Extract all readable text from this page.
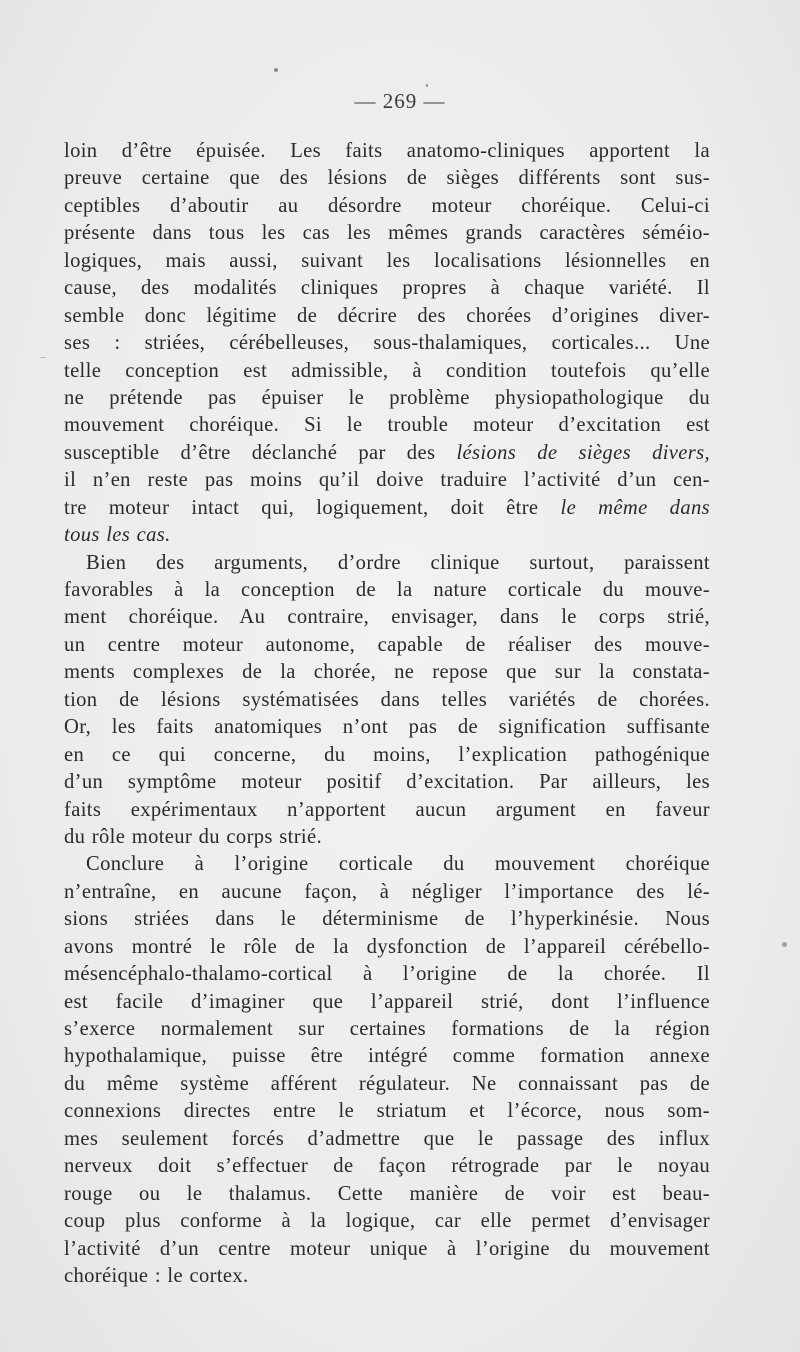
— 269 —
loin d’être épuisée. Les faits anatomo-cliniques apportent la
preuve certaine que des lésions de sièges différents sont sus-
ceptibles d’aboutir au désordre moteur choréique. Celui-ci
présente dans tous les cas les mêmes grands caractères séméio-
logiques, mais aussi, suivant les localisations lésionnelles en
cause, des modalités cliniques propres à chaque variété. Il
semble donc légitime de décrire des chorées d’origines diver-
ses : striées, cérébelleuses, sous-thalamiques, corticales... Une
telle conception est admissible, à condition toutefois qu’elle
ne prétende pas épuiser le problème physiopathologique du
mouvement choréique. Si le trouble moteur d’excitation est
susceptible d’être déclanché par des lésions de sièges divers,
il n’en reste pas moins qu’il doive traduire l’activité d’un cen-
tre moteur intact qui, logiquement, doit être le même dans
tous les cas.
Bien des arguments, d’ordre clinique surtout, paraissent
favorables à la conception de la nature corticale du mouve-
ment choréique. Au contraire, envisager, dans le corps strié,
un centre moteur autonome, capable de réaliser des mouve-
ments complexes de la chorée, ne repose que sur la constata-
tion de lésions systématisées dans telles variétés de chorées.
Or, les faits anatomiques n’ont pas de signification suffisante
en ce qui concerne, du moins, l’explication pathogénique
d’un symptôme moteur positif d’excitation. Par ailleurs, les
faits expérimentaux n’apportent aucun argument en faveur
du rôle moteur du corps strié.
Conclure à l’origine corticale du mouvement choréique
n’entraîne, en aucune façon, à négliger l’importance des lé-
sions striées dans le déterminisme de l’hyperkinésie. Nous
avons montré le rôle de la dysfonction de l’appareil cérébello-
mésencéphalo-thalamo-cortical à l’origine de la chorée. Il
est facile d’imaginer que l’appareil strié, dont l’influence
s’exerce normalement sur certaines formations de la région
hypothalamique, puisse être intégré comme formation annexe
du même système afférent régulateur. Ne connaissant pas de
connexions directes entre le striatum et l’écorce, nous som-
mes seulement forcés d’admettre que le passage des influx
nerveux doit s’effectuer de façon rétrograde par le noyau
rouge ou le thalamus. Cette manière de voir est beau-
coup plus conforme à la logique, car elle permet d’envisager
l’activité d’un centre moteur unique à l’origine du mouvement
choréique : le cortex.
